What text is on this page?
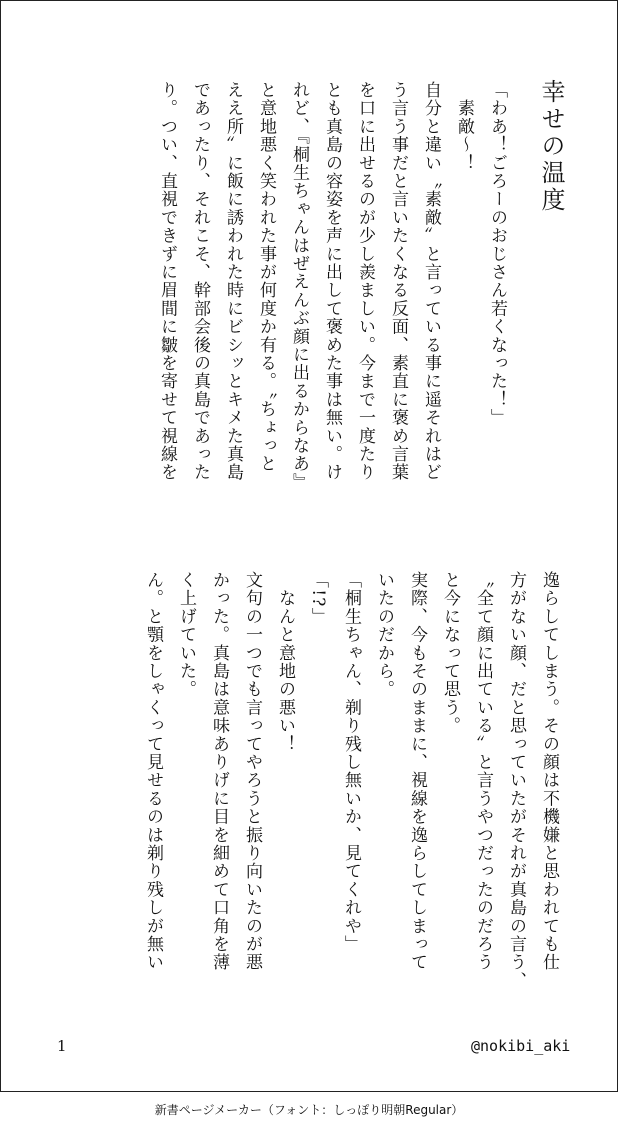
幸せの温度
「わあ！ごろーのおじさん若くなった！」
　素敵〜！
自分と違い〝素敵〟と言っている事に遥それはど
う言う事だと言いたくなる反面、素直に褒め言葉
を口に出せるのが少し羨ましい。今まで一度たり
とも真島の容姿を声に出して褒めた事は無い。け
れど、『桐生ちゃんはぜえんぶ顔に出るからなあ』
と意地悪く笑われた事が何度か有る。〝ちょっと
ええ所〟に飯に誘われた時にビシッとキメた真島
であったり、それこそ、幹部会後の真島であった
り。つい、直視できずに眉間に皺を寄せて視線を
逸らしてしまう。その顔は不機嫌と思われても仕
方がない顔、だと思っていたがそれが真島の言う、
〝全て顔に出ている〟と言うやつだったのだろう
と今になって思う。
実際、今もそのままに、視線を逸らしてしまって
いたのだから。
「桐生ちゃん、剃り残し無いか、見てくれや」
「!?」
　なんと意地の悪い！
文句の一つでも言ってやろうと振り向いたのが悪
かった。真島は意味ありげに目を細めて口角を薄
く上げていた。
ん。と顎をしゃくって見せるのは剃り残しが無い
1	@nokibi_aki
新書ページメーカー（フォント：しっぽり明朝Regular）
